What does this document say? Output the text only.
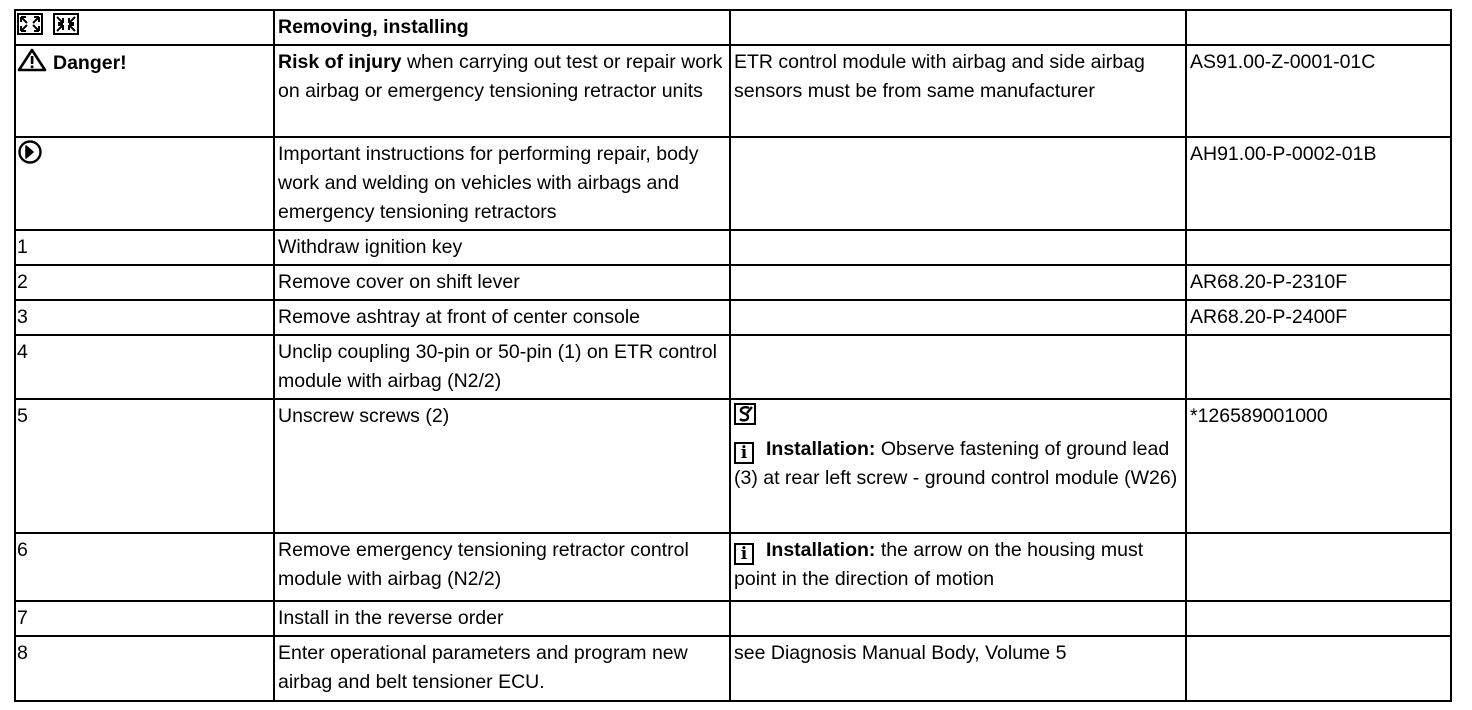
	Removing, installing		
Danger!	Risk of injury when carrying out test or repair work on airbag or emergency tensioning retractor units	ETR control module with airbag and side airbag sensors must be from same manufacturer	AS91.00-Z-0001-01C
	Important instructions for performing repair, body work and welding on vehicles with airbags and emergency tensioning retractors		AH91.00-P-0002-01B
1	Withdraw ignition key		
2	Remove cover on shift lever		AR68.20-P-2310F
3	Remove ashtray at front of center console		AR68.20-P-2400F
4	Unclip coupling 30-pin or 50-pin (1) on ETR control module with airbag (N2/2)		
5	Unscrew screws (2)	i Installation: Observe fastening of ground lead (3) at rear left screw - ground control module (W26)	*126589001000
6	Remove emergency tensioning retractor control module with airbag (N2/2)	i Installation: the arrow on the housing must point in the direction of motion	
7	Install in the reverse order		
8	Enter operational parameters and program new airbag and belt tensioner ECU.	see Diagnosis Manual Body, Volume 5	
